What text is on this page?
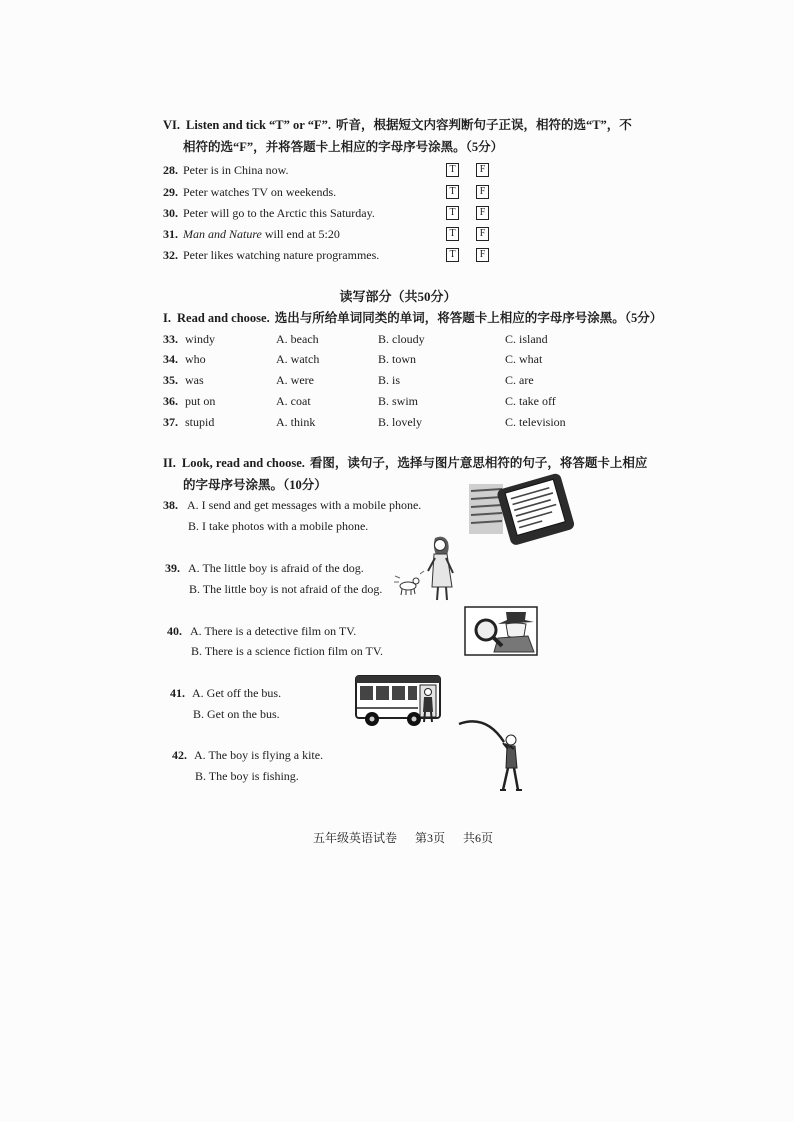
VI. Listen and tick “T” or “F”. 听音，根据短文内容判断句子正误，相符的选“T”，不
相符的选“F”，并将答题卡上相应的字母序号涂黑。（5分）
28. Peter is in China now.	T	F
29. Peter watches TV on weekends.	T	F
30. Peter will go to the Arctic this Saturday.	T	F
31. Man and Nature will end at 5:20	T	F
32. Peter likes watching nature programmes.	T	F
读写部分（共50分）
I. Read and choose. 选出与所给单词同类的单词，将答题卡上相应的字母序号涂黑。（5分）
33. windy	A. beach	B. cloudy	C. island
34. who	A. watch	B. town	C. what
35. was	A. were	B. is	C. are
36. put on	A. coat	B. swim	C. take off
37. stupid	A. think	B. lovely	C. television
II. Look, read and choose. 看图，读句子，选择与图片意思相符的句子，将答题卡上相应
的字母序号涂黑。（10分）
38. A. I send and get messages with a mobile phone.
B. I take photos with a mobile phone.
39. A. The little boy is afraid of the dog.
B. The little boy is not afraid of the dog.
40. A. There is a detective film on TV.
B. There is a science fiction film on TV.
41. A. Get off the bus.
B. Get on the bus.
42. A. The boy is flying a kite.
B. The boy is fishing.
五年级英语试卷 第3页 共6页
